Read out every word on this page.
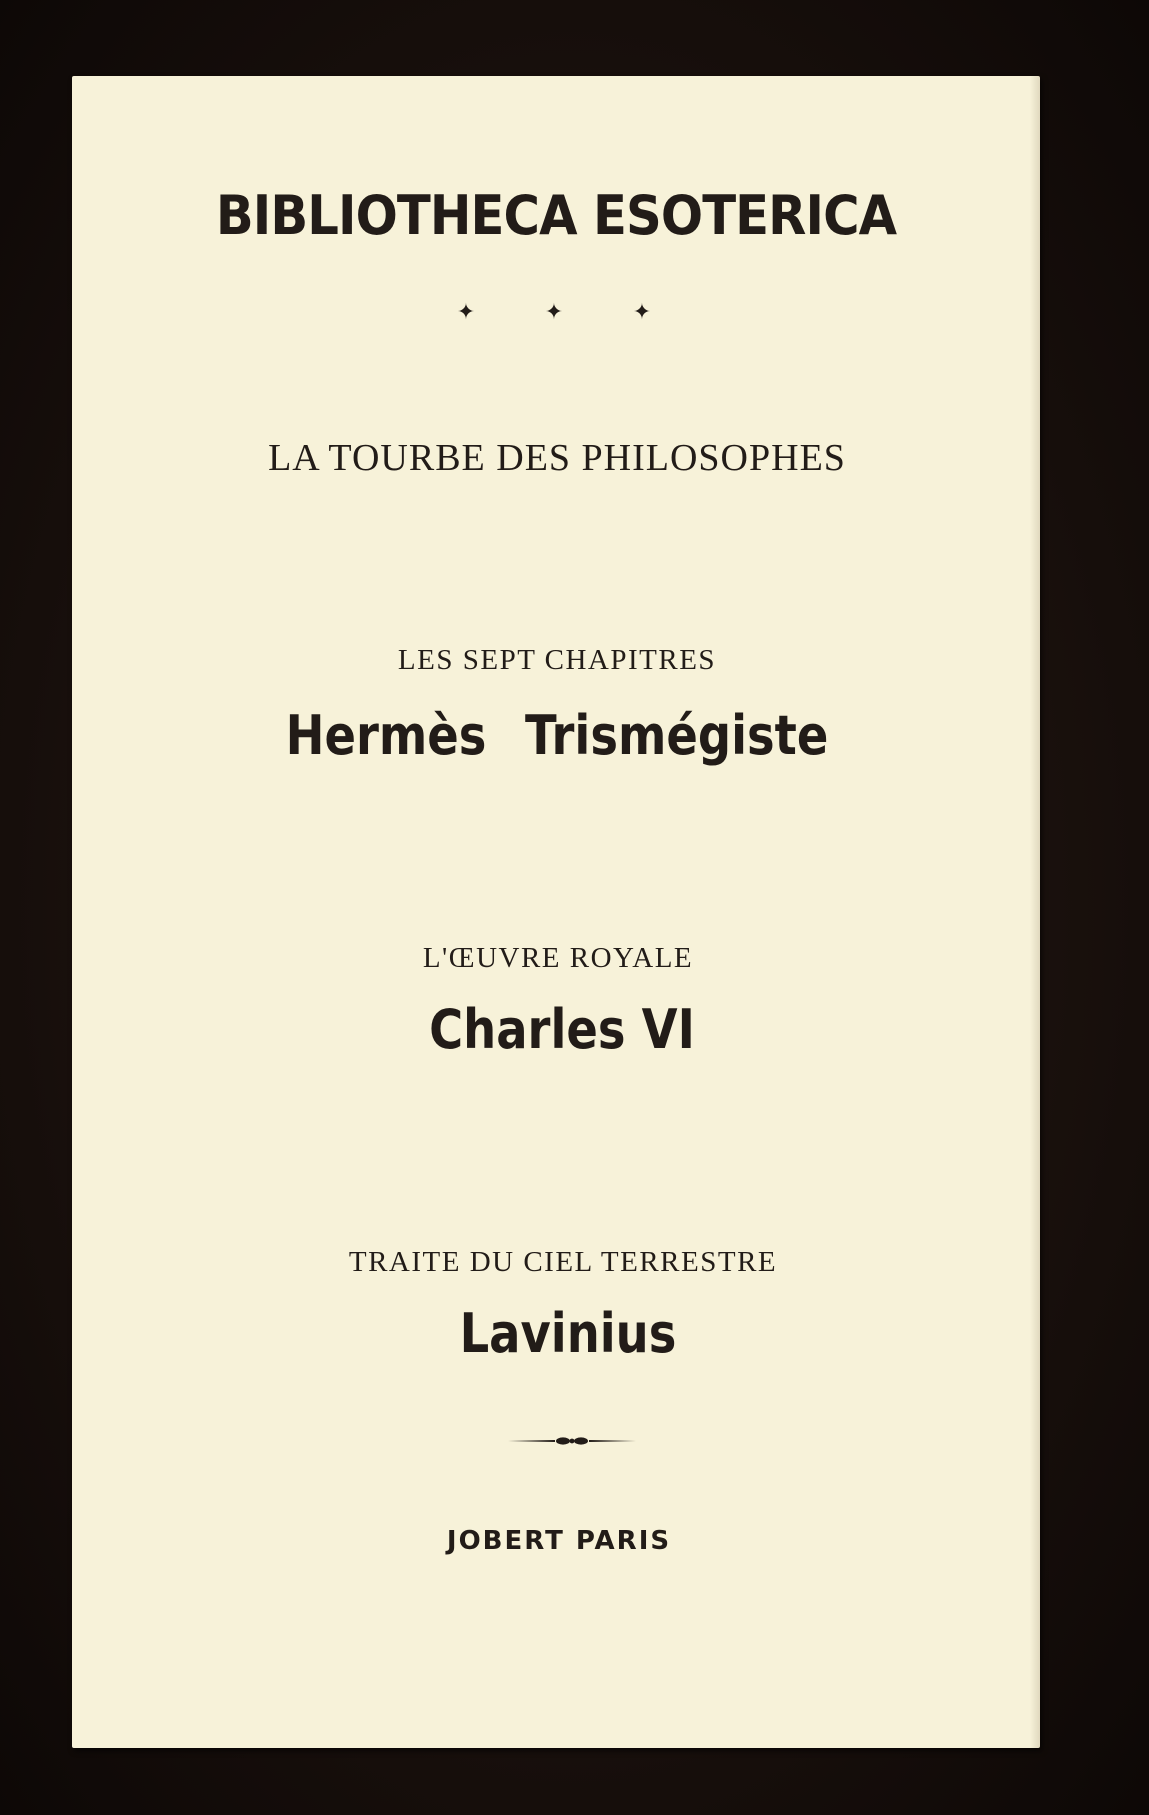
BIBLIOTHECA ESOTERICA

✦	✦	✦

LA TOURBE DES PHILOSOPHES

LES SEPT CHAPITRES

Hermès Trismégiste

L'ŒUVRE ROYALE

Charles VI

TRAITE DU CIEL TERRESTRE

Lavinius

JOBERT PARIS
